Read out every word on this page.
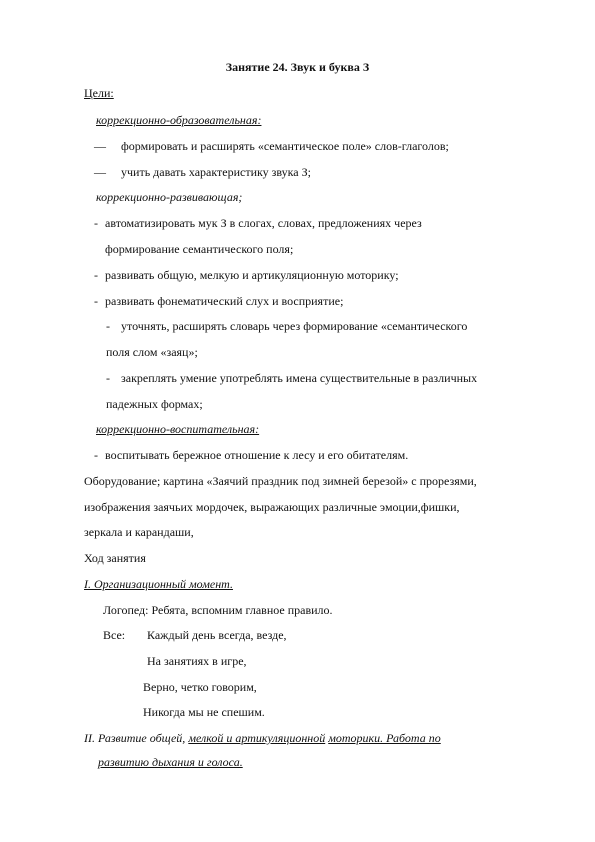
Занятие 24. Звук и буква З
Цели:
коррекционно-образовательная:
— формировать и расширять «семантическое поле» слов-глаголов;
— учить давать характеристику звука З;
коррекционно-развивающая;
- автоматизировать мук З в слогах, словах, предложениях через
формирование семантического поля;
- развивать общую, мелкую и артикуляционную моторику;
- развивать фонематический слух и восприятие;
- уточнять, расширять словарь через формирование «семантического
поля слом «заяц»;
- закреплять умение употреблять имена существительные в различных
падежных формах;
коррекционно-воспитательная:
- воспитывать бережное отношение к лесу и его обитателям.
Оборудование; картина «Заячий праздник под зимней березой» с прорезями,
изображения заячьих мордочек, выражающих различные эмоции,фишки,
зеркала и карандаши,
Ход занятия
I. Организационный момент.
Логопед: Ребята, вспомним главное правило.
Все: Каждый день всегда, везде,
На занятиях в игре,
Верно, четко говорим,
Никогда мы не спешим.
II. Развитие общей, мелкой и артикуляционной моторики. Работа по
развитию дыхания и голоса.
